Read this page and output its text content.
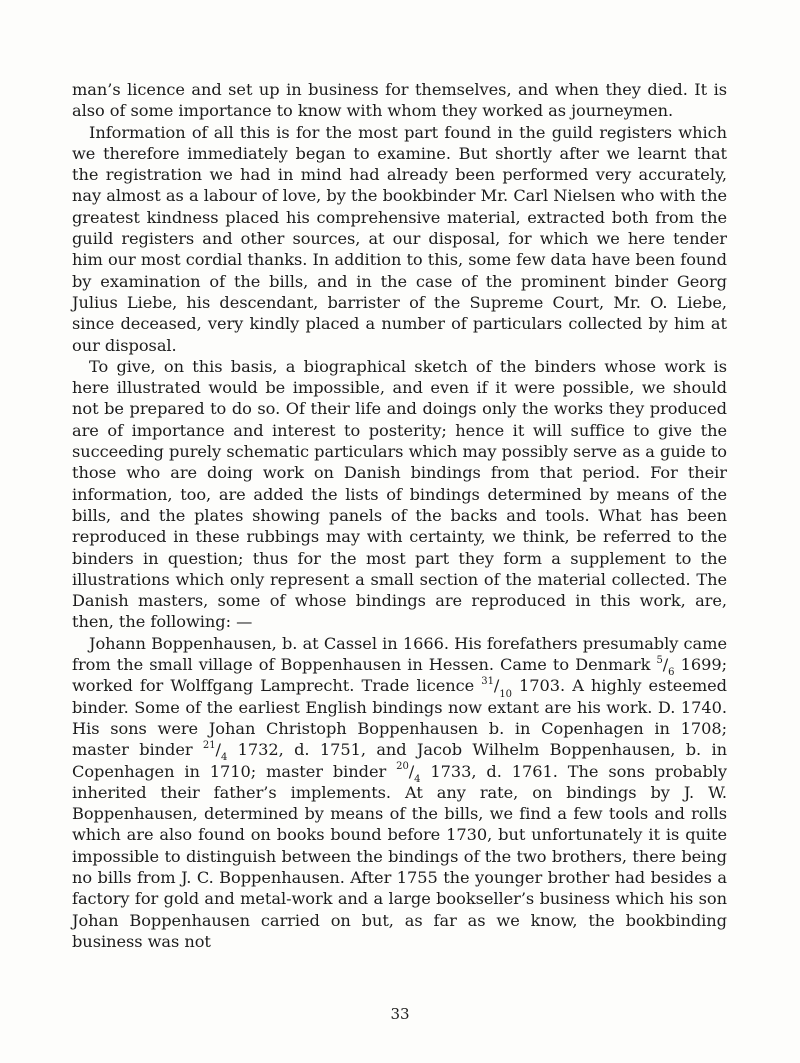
man’s licence and set up in business for themselves, and when they died. It is also of some importance to know with whom they worked as journeymen.

Information of all this is for the most part found in the guild registers which we therefore immediately began to examine. But shortly after we learnt that the registration we had in mind had already been performed very accurately, nay almost as a labour of love, by the bookbinder Mr. Carl Nielsen who with the greatest kindness placed his comprehensive material, extracted both from the guild registers and other sources, at our disposal, for which we here tender him our most cordial thanks. In addition to this, some few data have been found by examination of the bills, and in the case of the prominent binder Georg Julius Liebe, his descendant, barrister of the Supreme Court, Mr. O. Liebe, since deceased, very kindly placed a number of particulars collected by him at our disposal.

To give, on this basis, a biographical sketch of the binders whose work is here illustrated would be impossible, and even if it were possible, we should not be prepared to do so. Of their life and doings only the works they produced are of importance and interest to posterity; hence it will suffice to give the succeeding purely schematic particulars which may possibly serve as a guide to those who are doing work on Danish bindings from that period. For their information, too, are added the lists of bindings determined by means of the bills, and the plates showing panels of the backs and tools. What has been reproduced in these rubbings may with certainty, we think, be referred to the binders in question; thus for the most part they form a supplement to the illustrations which only represent a small section of the material collected. The Danish masters, some of whose bindings are reproduced in this work, are, then, the following: —

Johann Boppenhausen, b. at Cassel in 1666. His forefathers presumably came from the small village of Boppenhausen in Hessen. Came to Denmark $^5/_6$ 1699; worked for Wolffgang Lamprecht. Trade licence $^{31}/_{10}$ 1703. A highly esteemed binder. Some of the earliest English bindings now extant are his work. D. 1740. His sons were Johan Christoph Boppenhausen b. in Copenhagen in 1708; master binder $^{21}/_4$ 1732, d. 1751, and Jacob Wilhelm Boppenhausen, b. in Copenhagen in 1710; master binder $^{20}/_4$ 1733, d. 1761. The sons probably inherited their father’s implements. At any rate, on bindings by J. W. Boppenhausen, determined by means of the bills, we find a few tools and rolls which are also found on books bound before 1730, but unfortunately it is quite impossible to distinguish between the bindings of the two brothers, there being no bills from J. C. Boppenhausen. After 1755 the younger brother had besides a factory for gold and metal-work and a large bookseller’s business which his son Johan Boppenhausen carried on but, as far as we know, the bookbinding business was not

33
